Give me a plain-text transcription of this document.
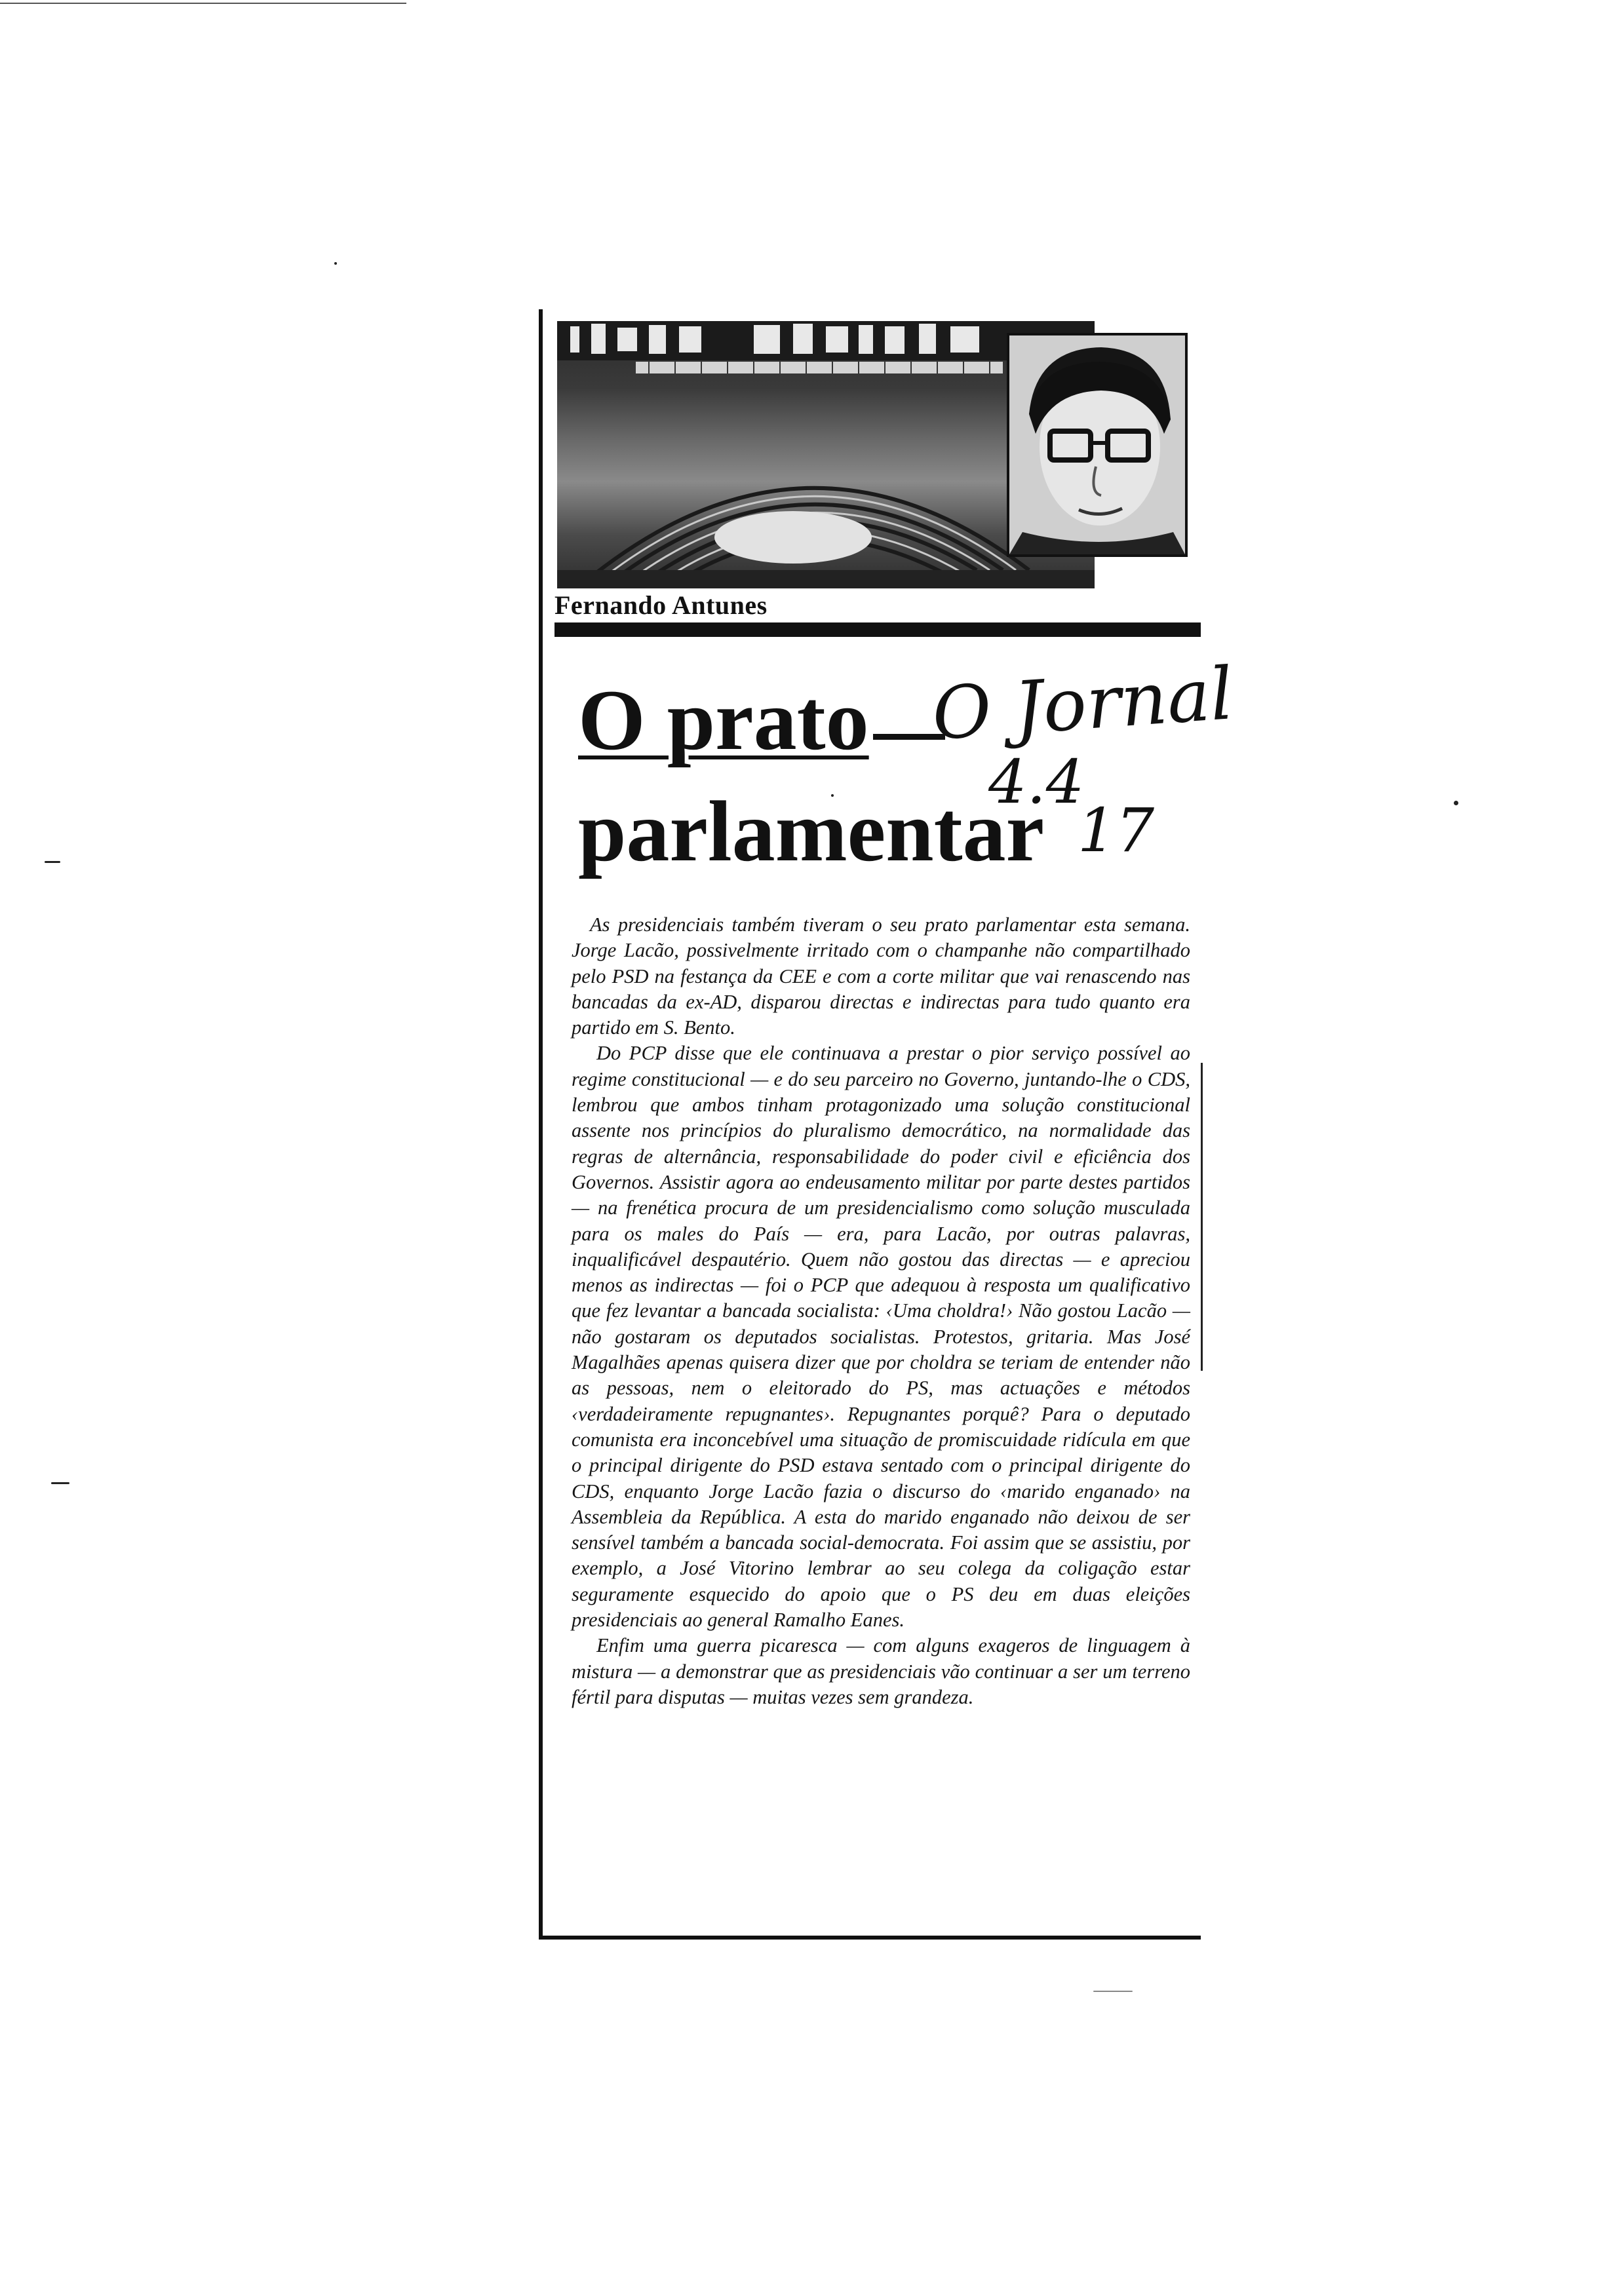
Fernando Antunes
O prato
parlamentar
O Jornal
4.4
17

As presidenciais também tiveram o seu prato parlamentar esta semana. Jorge Lacão, possivelmente irritado com o champanhe não compartilhado pelo PSD na festança da CEE e com a corte militar que vai renascendo nas bancadas da ex-AD, disparou directas e indirectas para tudo quanto era partido em S. Bento.

Do PCP disse que ele continuava a prestar o pior serviço possível ao regime constitucional — e do seu parceiro no Governo, juntando-lhe o CDS, lembrou que ambos tinham protagonizado uma solução constitucional assente nos princípios do pluralismo democrático, na normalidade das regras de alternância, responsabilidade do poder civil e eficiência dos Governos. Assistir agora ao endeusamento militar por parte destes partidos — na frenética procura de um presidencialismo como solução musculada para os males do País — era, para Lacão, por outras palavras, inqualificável despautério. Quem não gostou das directas — e apreciou menos as indirectas — foi o PCP que adequou à resposta um qualificativo que fez levantar a bancada socialista: ‹Uma choldra!› Não gostou Lacão — não gostaram os deputados socialistas. Protestos, gritaria. Mas José Magalhães apenas quisera dizer que por choldra se teriam de entender não as pessoas, nem o eleitorado do PS, mas actuações e métodos ‹verdadeiramente repugnantes›. Repugnantes porquê? Para o deputado comunista era inconcebível uma situação de promiscuidade ridícula em que o principal dirigente do PSD estava sentado com o principal dirigente do CDS, enquanto Jorge Lacão fazia o discurso do ‹marido enganado› na Assembleia da República. A esta do marido enganado não deixou de ser sensível também a bancada social-democrata. Foi assim que se assistiu, por exemplo, a José Vitorino lembrar ao seu colega da coligação estar seguramente esquecido do apoio que o PS deu em duas eleições presidenciais ao general Ramalho Eanes.

Enfim uma guerra picaresca — com alguns exageros de linguagem à mistura — a demonstrar que as presidenciais vão continuar a ser um terreno fértil para disputas — muitas vezes sem grandeza.
